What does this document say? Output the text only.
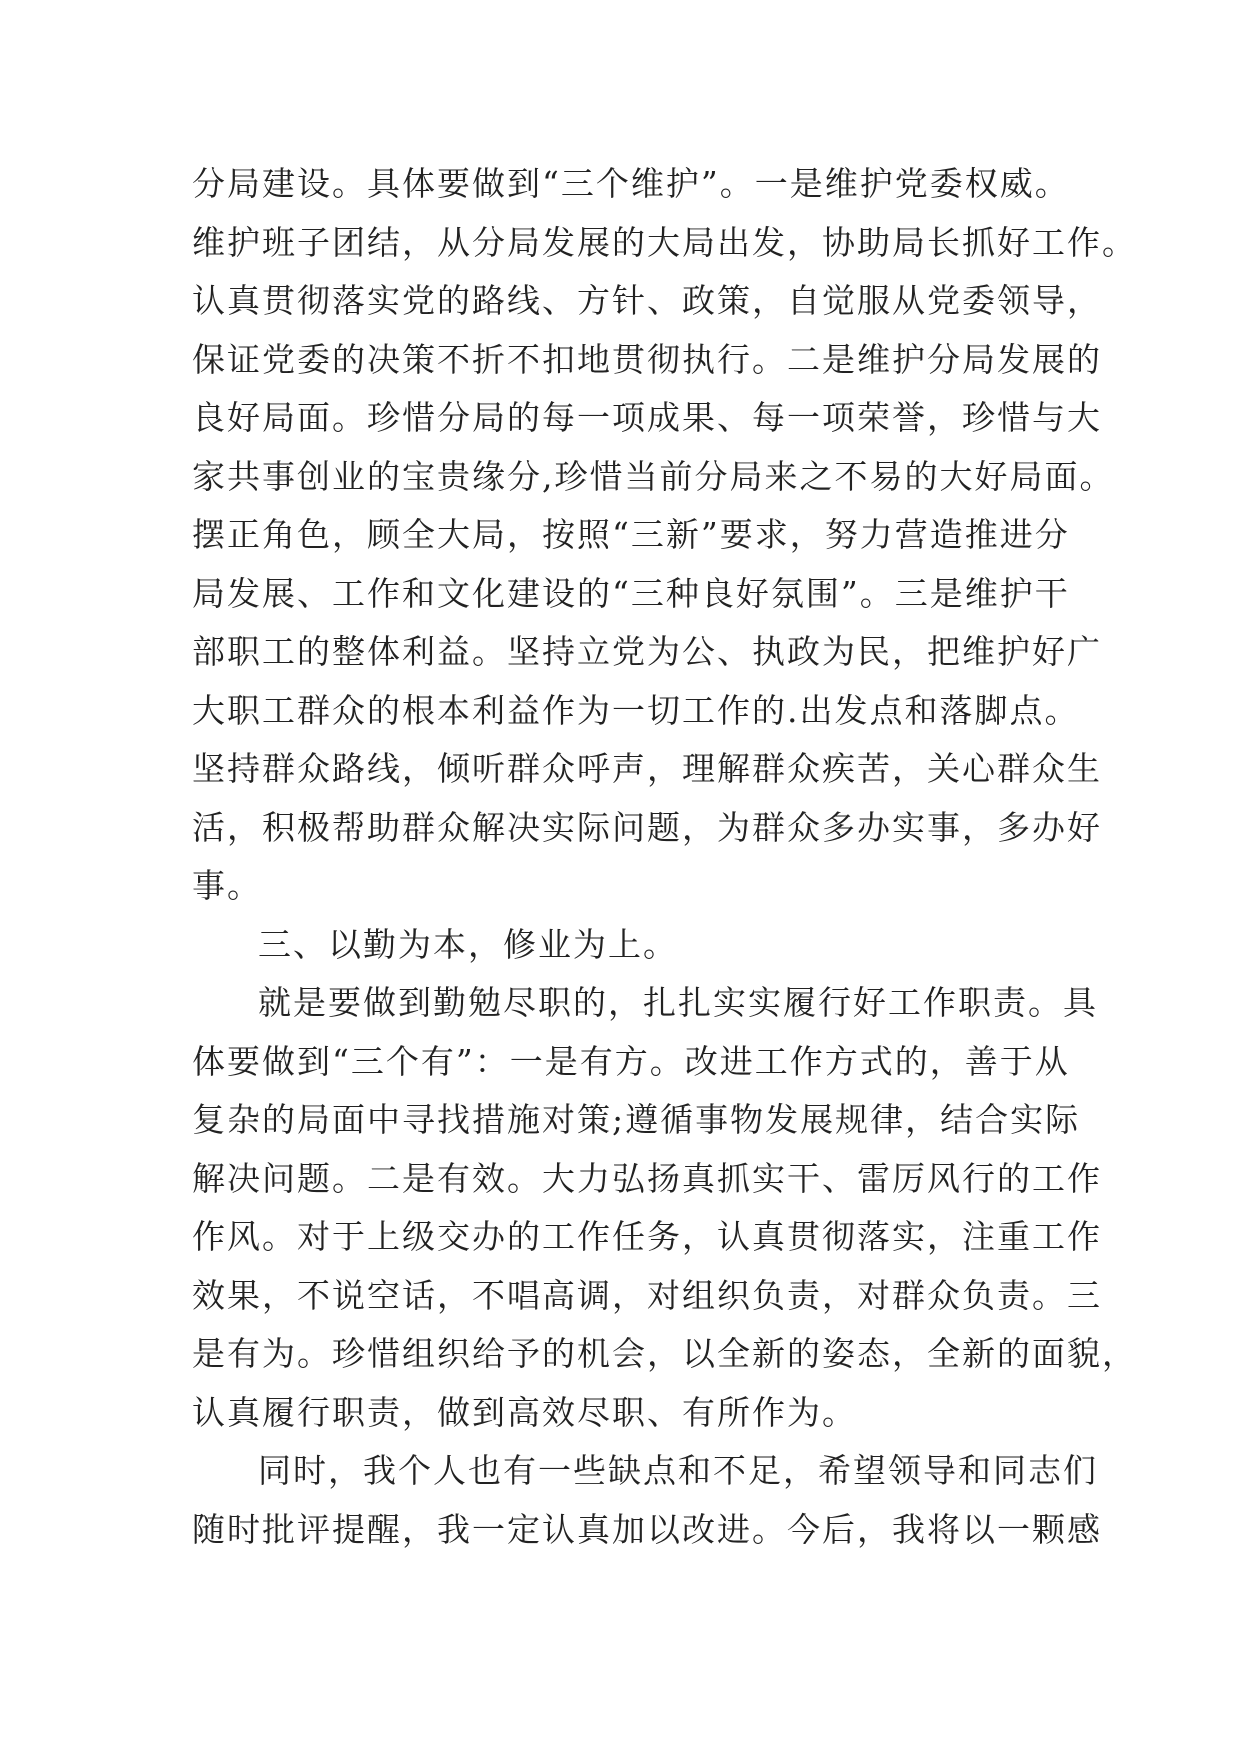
分局建设。具体要做到“三个维护”。一是维护党委权威。
维护班子团结，从分局发展的大局出发，协助局长抓好工作。
认真贯彻落实党的路线、方针、政策，自觉服从党委领导，
保证党委的决策不折不扣地贯彻执行。二是维护分局发展的
良好局面。珍惜分局的每一项成果、每一项荣誉，珍惜与大
家共事创业的宝贵缘分,珍惜当前分局来之不易的大好局面。
摆正角色，顾全大局，按照“三新”要求，努力营造推进分
局发展、工作和文化建设的“三种良好氛围”。三是维护干
部职工的整体利益。坚持立党为公、执政为民，把维护好广
大职工群众的根本利益作为一切工作的.出发点和落脚点。
坚持群众路线，倾听群众呼声，理解群众疾苦，关心群众生
活，积极帮助群众解决实际问题，为群众多办实事，多办好
事。
三、以勤为本，修业为上。
就是要做到勤勉尽职的，扎扎实实履行好工作职责。具
体要做到“三个有”：一是有方。改进工作方式的，善于从
复杂的局面中寻找措施对策;遵循事物发展规律，结合实际
解决问题。二是有效。大力弘扬真抓实干、雷厉风行的工作
作风。对于上级交办的工作任务，认真贯彻落实，注重工作
效果，不说空话，不唱高调，对组织负责，对群众负责。三
是有为。珍惜组织给予的机会，以全新的姿态，全新的面貌，
认真履行职责，做到高效尽职、有所作为。
同时，我个人也有一些缺点和不足，希望领导和同志们
随时批评提醒，我一定认真加以改进。今后，我将以一颗感
